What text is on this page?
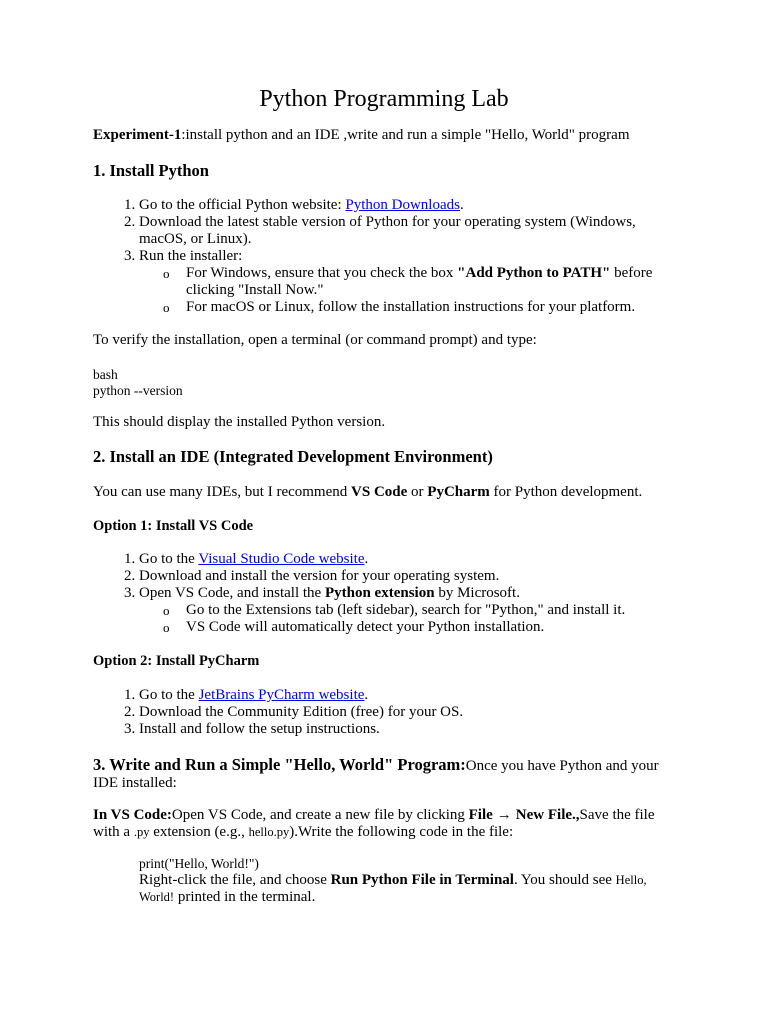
Python Programming Lab

Experiment-1:install python and an IDE ,write and run a simple "Hello, World" program

1. Install Python
1. Go to the official Python website: Python Downloads.
2. Download the latest stable version of Python for your operating system (Windows, macOS, or Linux).
3. Run the installer:
o For Windows, ensure that you check the box "Add Python to PATH" before clicking "Install Now."
o For macOS or Linux, follow the installation instructions for your platform.

To verify the installation, open a terminal (or command prompt) and type:

bash
python --version

This should display the installed Python version.

2. Install an IDE (Integrated Development Environment)

You can use many IDEs, but I recommend VS Code or PyCharm for Python development.

Option 1: Install VS Code
1. Go to the Visual Studio Code website.
2. Download and install the version for your operating system.
3. Open VS Code, and install the Python extension by Microsoft.
o Go to the Extensions tab (left sidebar), search for "Python," and install it.
o VS Code will automatically detect your Python installation.
Option 2: Install PyCharm
1. Go to the JetBrains PyCharm website.
2. Download the Community Edition (free) for your OS.
3. Install and follow the setup instructions.

3. Write and Run a Simple "Hello, World" Program:Once you have Python and your IDE installed:

In VS Code:Open VS Code, and create a new file by clicking File → New File.,Save the file with a .py extension (e.g., hello.py).Write the following code in the file:

print("Hello, World!")
Right-click the file, and choose Run Python File in Terminal. You should see Hello, World! printed in the terminal.
